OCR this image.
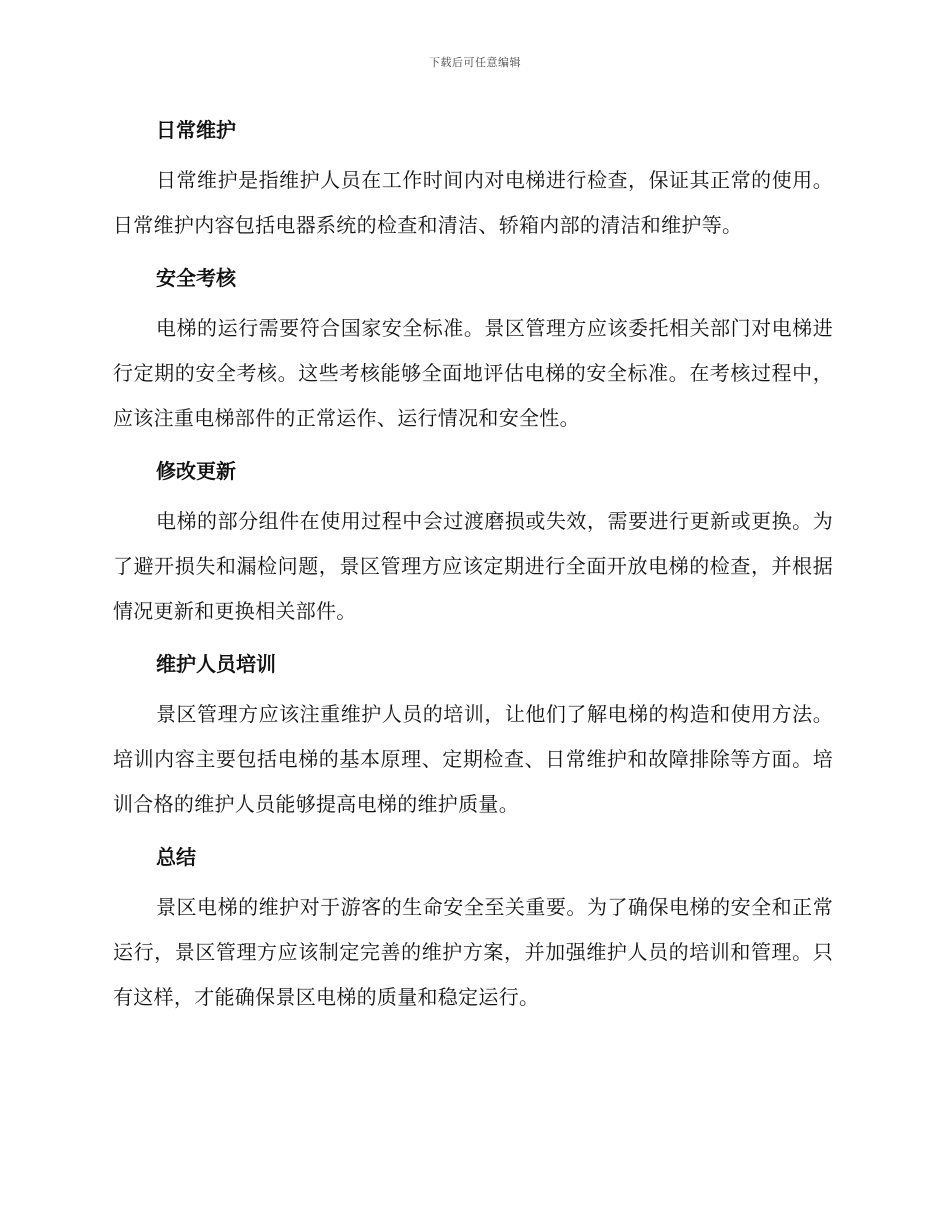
下载后可任意编辑
日常维护

日常维护是指维护人员在工作时间内对电梯进行检查，保证其正常的使用。日常维护内容包括电器系统的检查和清洁、轿箱内部的清洁和维护等。

安全考核

电梯的运行需要符合国家安全标准。景区管理方应该委托相关部门对电梯进行定期的安全考核。这些考核能够全面地评估电梯的安全标准。在考核过程中，应该注重电梯部件的正常运作、运行情况和安全性。

修改更新

电梯的部分组件在使用过程中会过渡磨损或失效，需要进行更新或更换。为了避开损失和漏检问题，景区管理方应该定期进行全面开放电梯的检查，并根据情况更新和更换相关部件。

维护人员培训

景区管理方应该注重维护人员的培训，让他们了解电梯的构造和使用方法。培训内容主要包括电梯的基本原理、定期检查、日常维护和故障排除等方面。培训合格的维护人员能够提高电梯的维护质量。

总结

景区电梯的维护对于游客的生命安全至关重要。为了确保电梯的安全和正常运行，景区管理方应该制定完善的维护方案，并加强维护人员的培训和管理。只有这样，才能确保景区电梯的质量和稳定运行。
